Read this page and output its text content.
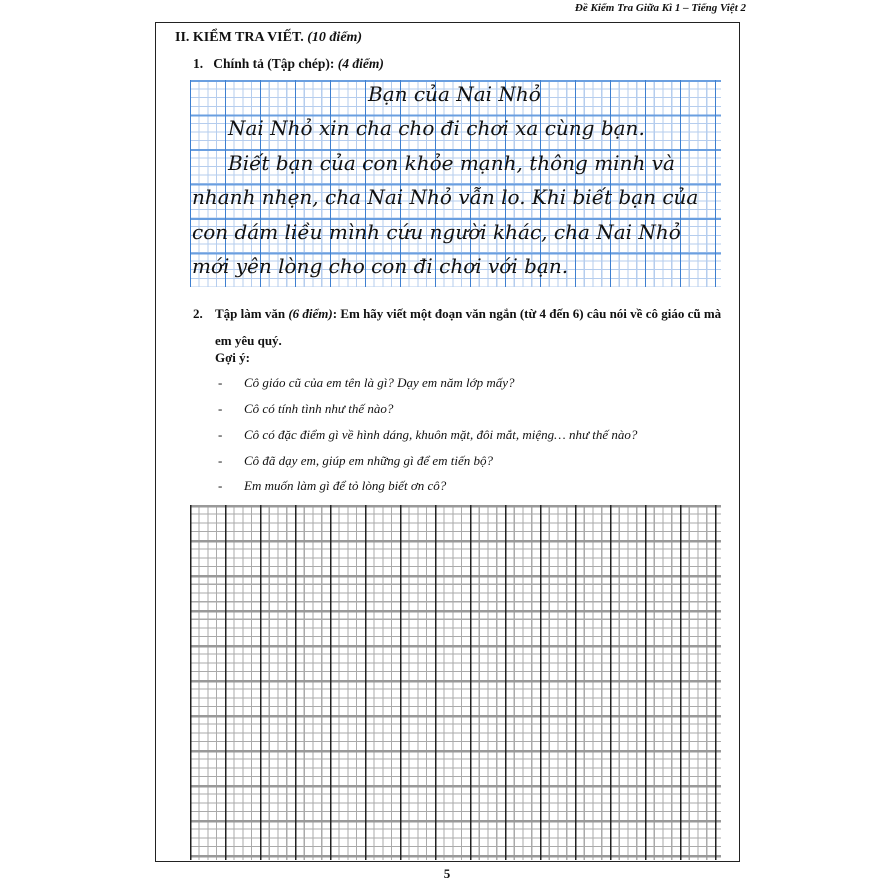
Đề Kiểm Tra Giữa Kì 1 – Tiếng Việt 2
II. KIỂM TRA VIẾT. (10 điểm)
1. Chính tả (Tập chép): (4 điểm)
Bạn của Nai Nhỏ
Nai Nhỏ xin cha cho đi chơi xa cùng bạn.
Biết bạn của con khỏe mạnh, thông minh và
nhanh nhẹn, cha Nai Nhỏ vẫn lo. Khi biết bạn của
con dám liều mình cứu người khác, cha Nai Nhỏ
mới yên lòng cho con đi chơi với bạn.
2. Tập làm văn (6 điểm): Em hãy viết một đoạn văn ngắn (từ 4 đến 6) câu nói về cô giáo cũ mà em yêu quý.
Gợi ý:
- Cô giáo cũ của em tên là gì? Dạy em năm lớp mấy?
- Cô có tính tình như thế nào?
- Cô có đặc điểm gì về hình dáng, khuôn mặt, đôi mắt, miệng… như thế nào?
- Cô đã dạy em, giúp em những gì để em tiến bộ?
- Em muốn làm gì để tỏ lòng biết ơn cô?
5
